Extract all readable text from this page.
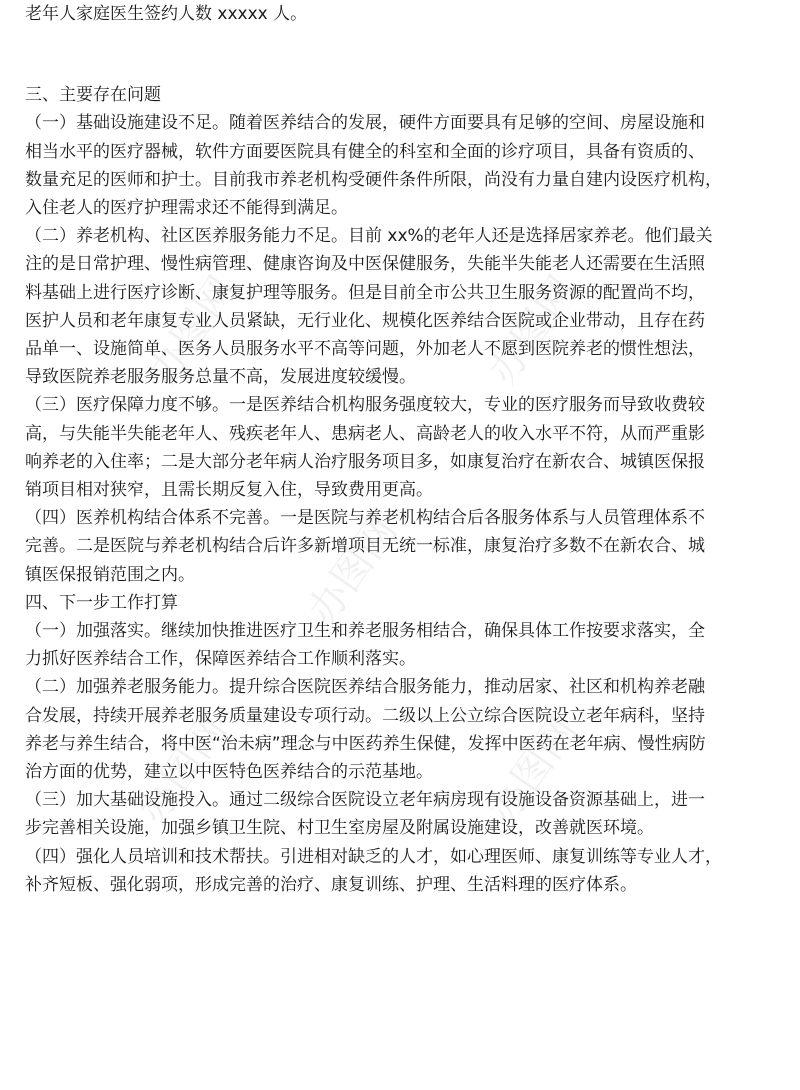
老年人家庭医生签约人数 xxxxx 人。
三、主要存在问题
（一）基础设施建设不足。随着医养结合的发展，硬件方面要具有足够的空间、房屋设施和
相当水平的医疗器械，软件方面要医院具有健全的科室和全面的诊疗项目，具备有资质的、
数量充足的医师和护士。目前我市养老机构受硬件条件所限，尚没有力量自建内设医疗机构，
入住老人的医疗护理需求还不能得到满足。
（二）养老机构、社区医养服务能力不足。目前 xx%的老年人还是选择居家养老。他们最关
注的是日常护理、慢性病管理、健康咨询及中医保健服务，失能半失能老人还需要在生活照
料基础上进行医疗诊断、康复护理等服务。但是目前全市公共卫生服务资源的配置尚不均，
医护人员和老年康复专业人员紧缺，无行业化、规模化医养结合医院或企业带动，且存在药
品单一、设施简单、医务人员服务水平不高等问题，外加老人不愿到医院养老的惯性想法，
导致医院养老服务服务总量不高，发展进度较缓慢。
（三）医疗保障力度不够。一是医养结合机构服务强度较大，专业的医疗服务而导致收费较
高，与失能半失能老年人、残疾老年人、患病老人、高龄老人的收入水平不符，从而严重影
响养老的入住率；二是大部分老年病人治疗服务项目多，如康复治疗在新农合、城镇医保报
销项目相对狭窄，且需长期反复入住，导致费用更高。
（四）医养机构结合体系不完善。一是医院与养老机构结合后各服务体系与人员管理体系不
完善。二是医院与养老机构结合后许多新增项目无统一标准，康复治疗多数不在新农合、城
镇医保报销范围之内。
四、下一步工作打算
（一）加强落实。继续加快推进医疗卫生和养老服务相结合，确保具体工作按要求落实，全
力抓好医养结合工作，保障医养结合工作顺利落实。
（二）加强养老服务能力。提升综合医院医养结合服务能力，推动居家、社区和机构养老融
合发展，持续开展养老服务质量建设专项行动。二级以上公立综合医院设立老年病科，坚持
养老与养生结合，将中医“治未病”理念与中医药养生保健，发挥中医药在老年病、慢性病防
治方面的优势，建立以中医特色医养结合的示范基地。
（三）加大基础设施投入。通过二级综合医院设立老年病房现有设施设备资源基础上，进一
步完善相关设施，加强乡镇卫生院、村卫生室房屋及附属设施建设，改善就医环境。
（四）强化人员培训和技术帮扶。引进相对缺乏的人才，如心理医师、康复训练等专业人才，
补齐短板、强化弱项，形成完善的治疗、康复训练、护理、生活料理的医疗体系。
办图网	办图网
办图网
办图网	办图网
